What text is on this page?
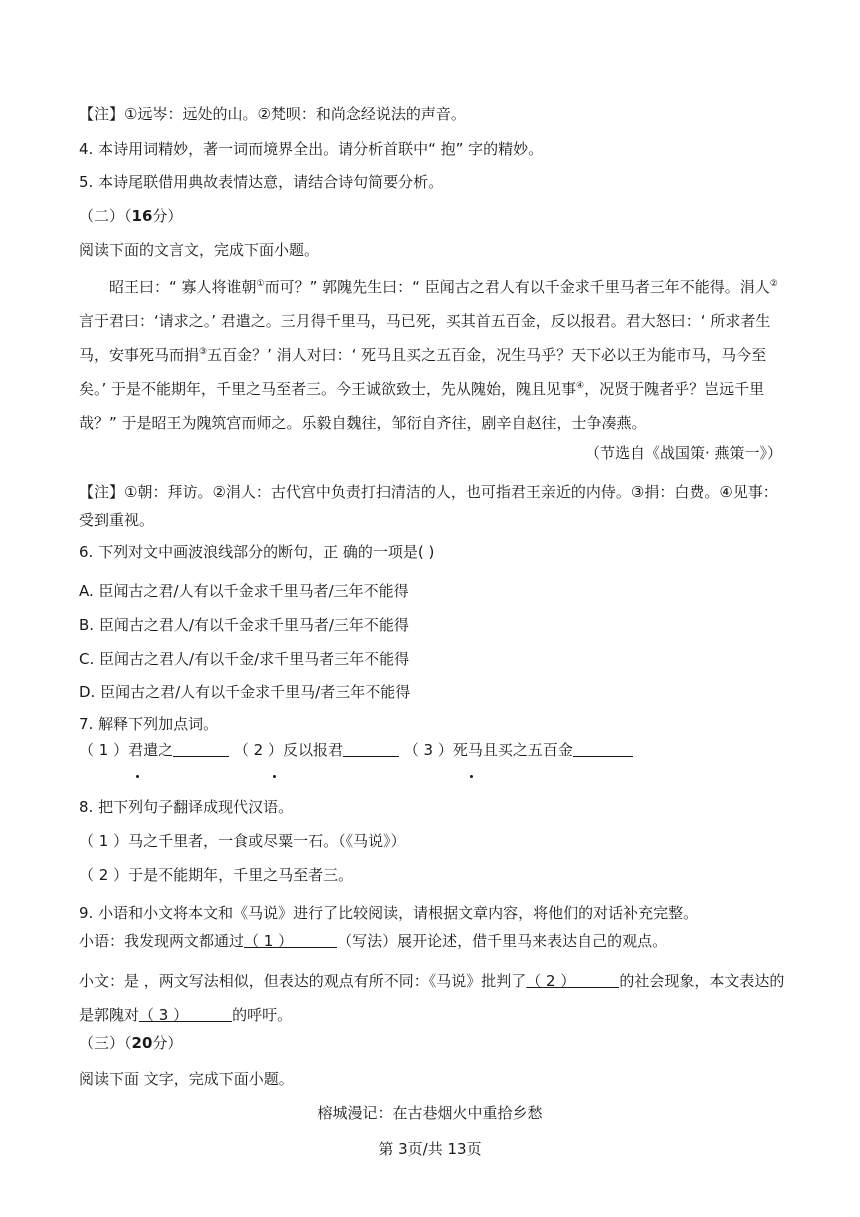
【注】①远岑：远处的山。②梵呗：和尚念经说法的声音。
4. 本诗用词精妙，著一词而境界全出。请分析首联中“ 抱” 字的精妙。
5. 本诗尾联借用典故表情达意，请结合诗句简要分析。
（二）（16分）
阅读下面的文言文，完成下面小题。
昭王曰：“ 寡人将谁朝①而可？” 郭隗先生曰：“ 臣闻古之君人有以千金求千里马者三年不能得。涓人②言于君曰：‘请求之。’ 君遣之。三月得千里马，马已死，买其首五百金，反以报君。君大怒曰：‘ 所求者生马，安事死马而捐③五百金？’ 涓人对曰：‘ 死马且买之五百金，况生马乎？天下必以王为能市马，马今至矣。’ 于是不能期年，千里之马至者三。今王诚欲致士，先从隗始，隗且见事④，况贤于隗者乎？岂远千里哉？” 于是昭王为隗筑宫而师之。乐毅自魏往，邹衍自齐往，剧辛自赵往，士争凑燕。
（节选自《战国策· 燕策一》）
【注】①朝：拜访。②涓人：古代宫中负责打扫清洁的人，也可指君王亲近的内侍。③捐：白费。④见事：受到重视。
6. 下列对文中画波浪线部分的断句，正 确的一项是( )
A. 臣闻古之君/人有以千金求千里马者/三年不能得
B. 臣闻古之君人/有以千金求千里马者/三年不能得
C. 臣闻古之君人/有以千金/求千里马者三年不能得
D. 臣闻古之君/人有以千金求千里马/者三年不能得
7. 解释下列加点词。
（ 1 ）君遣之	（ 2 ）反以报君	（ 3 ）死马且买之五百金
8. 把下列句子翻译成现代汉语。
（ 1 ）马之千里者，一食或尽粟一石。（《马说》）
（ 2 ）于是不能期年，千里之马至者三。
9. 小语和小文将本文和《马说》进行了比较阅读，请根据文章内容，将他们的对话补充完整。
小语：我发现两文都通过（ 1 ）	（写法）展开论述，借千里马来表达自己的观点。
小文：是 ，两文写法相似，但表达的观点有所不同：《马说》批判了（ 2 ）	的社会现象，本文表达的是郭隗对（ 3 ）	的呼吁。
（三）（20分）
阅读下面 文字，完成下面小题。
榕城漫记：在古巷烟火中重拾乡愁
第 3页/共 13页
